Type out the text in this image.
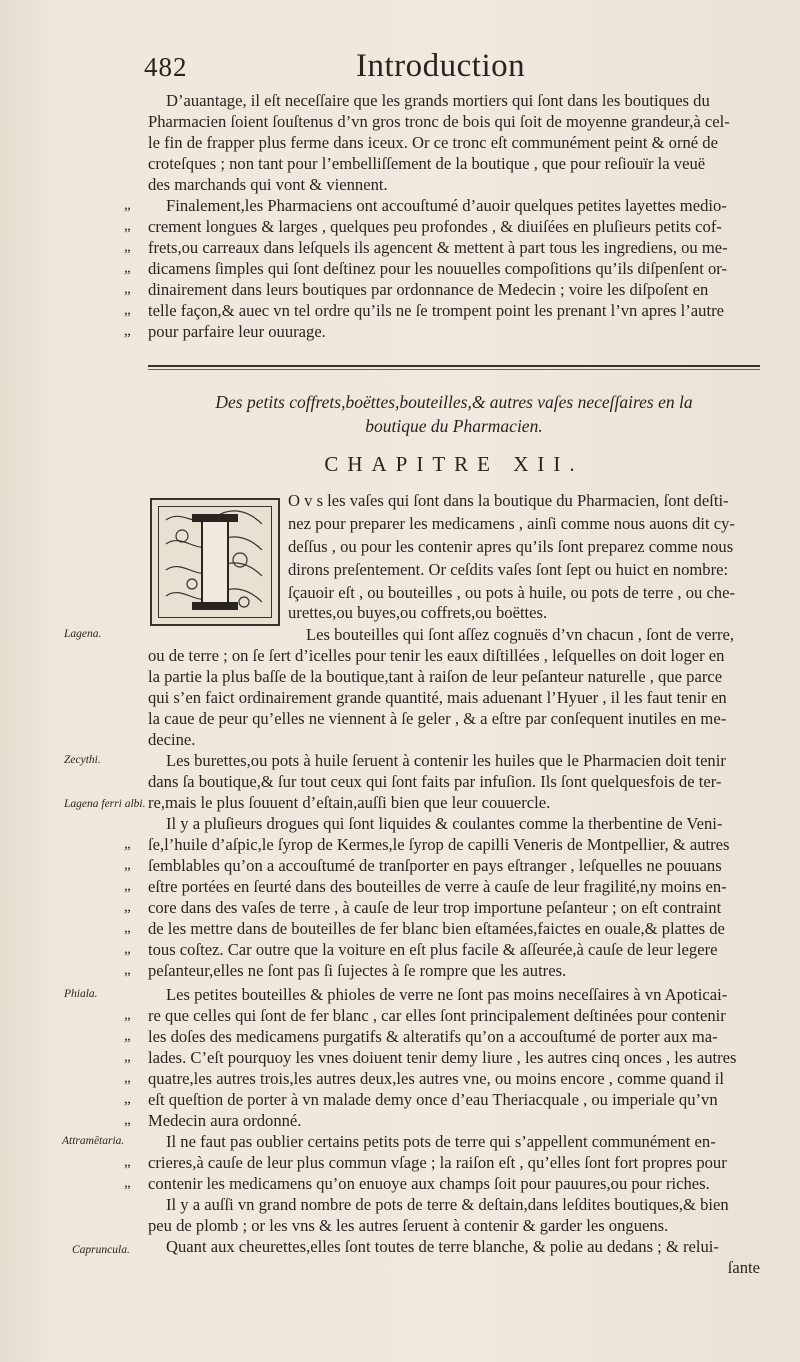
482	Introduction
D’auantage, il eſt neceſſaire que les grands mortiers qui ſont dans les boutiques du
Pharmacien ſoient ſouſtenus d’vn gros tronc de bois qui ſoit de moyenne grandeur,à cel-
le fin de frapper plus ferme dans iceux. Or ce tronc eſt communément peint & orné de
croteſques ; non tant pour l’embelliſſement de la boutique , que pour reſiouïr la veuë
des marchands qui vont & viennent.
Finalement,les Pharmaciens ont accouſtumé d’auoir quelques petites layettes medio-
crement longues & larges , quelques peu profondes , & diuiſées en pluſieurs petits cof-
frets,ou carreaux dans leſquels ils agencent & mettent à part tous les ingrediens, ou me-
dicamens ſimples qui ſont deſtinez pour les nouuelles compoſitions qu’ils diſpenſent or-
dinairement dans leurs boutiques par ordonnance de Medecin ; voire les diſpoſent en
telle façon,& auec vn tel ordre qu’ils ne ſe trompent point les prenant l’vn apres l’autre
pour parfaire leur ouurage.
„
„
„
„
„
„
„
Des petits coffrets,boëttes,bouteilles,& autres vaſes neceſſaires en la
boutique du Pharmacien.
CHAPITRE XII.
O v s les vaſes qui ſont dans la boutique du Pharmacien, ſont deſti-
nez pour preparer les medicamens , ainſi comme nous auons dit cy-
deſſus , ou pour les contenir apres qu’ils ſont preparez comme nous
dirons preſentement. Or ceſdits vaſes ſont ſept ou huict en nombre:
ſçauoir eſt , ou bouteilles , ou pots à huile, ou pots de terre , ou che-
urettes,ou buyes,ou coffrets,ou boëttes.
Les bouteilles qui ſont aſſez cognuës d’vn chacun , ſont de verre,
Lagena.
ou de terre ; on ſe ſert d’icelles pour tenir les eaux diſtillées , leſquelles on doit loger en
la partie la plus baſſe de la boutique,tant à raiſon de leur peſanteur naturelle , que parce
qui s’en faict ordinairement grande quantité, mais aduenant l’Hyuer , il les faut tenir en
la caue de peur qu’elles ne viennent à ſe geler , & a eſtre par conſequent inutiles en me-
decine.
Zecythi.	Les burettes,ou pots à huile ſeruent à contenir les huiles que le Pharmacien doit tenir
dans ſa boutique,& ſur tout ceux qui ſont faits par infuſion. Ils ſont quelquesfois de ter-
re,mais le plus ſouuent d’eſtain,auſſi bien que leur couuercle.
Lagena ferri albi.
Il y a pluſieurs drogues qui ſont liquides & coulantes comme la therbentine de Veni-
ſe,l’huile d’aſpic,le ſyrop de Kermes,le ſyrop de capilli Veneris de Montpellier, & autres
ſemblables qu’on a accouſtumé de tranſporter en pays eſtranger , leſquelles ne pouuans
eſtre portées en ſeurté dans des bouteilles de verre à cauſe de leur fragilité,ny moins en-
core dans des vaſes de terre , à cauſe de leur trop importune peſanteur ; on eſt contraint
de les mettre dans de bouteilles de fer blanc bien eſtamées,faictes en ouale,& plattes de
tous coſtez. Car outre que la voiture en eſt plus facile & aſſeurée,à cauſe de leur legere
peſanteur,elles ne ſont pas ſi ſujectes à ſe rompre que les autres.
„
„
„
„
„
„
„
Phiala.	Les petites bouteilles & phioles de verre ne ſont pas moins neceſſaires à vn Apoticai-
re que celles qui ſont de fer blanc , car elles ſont principalement deſtinées pour contenir
les doſes des medicamens purgatifs & alteratifs qu’on a accouſtumé de porter aux ma-
lades. C’eſt pourquoy les vnes doiuent tenir demy liure , les autres cinq onces , les autres
quatre,les autres trois,les autres deux,les autres vne, ou moins encore , comme quand il
eſt queſtion de porter à vn malade demy once d’eau Theriacquale , ou imperiale qu’vn
Medecin aura ordonné.
„
„
„
„
„
„
Attramētaria.	Il ne faut pas oublier certains petits pots de terre qui s’appellent communément en-
crieres,à cauſe de leur plus commun vſage ; la raiſon eſt , qu’elles ſont fort propres pour
contenir les medicamens qu’on enuoye aux champs ſoit pour pauures,ou pour riches.
„
„
Il y a auſſi vn grand nombre de pots de terre & deſtain,dans leſdites boutiques,& bien
peu de plomb ; or les vns & les autres ſeruent à contenir & garder les onguens.
Capruncula.	Quant aux cheurettes,elles ſont toutes de terre blanche, & polie au dedans ; & relui-
ſante
